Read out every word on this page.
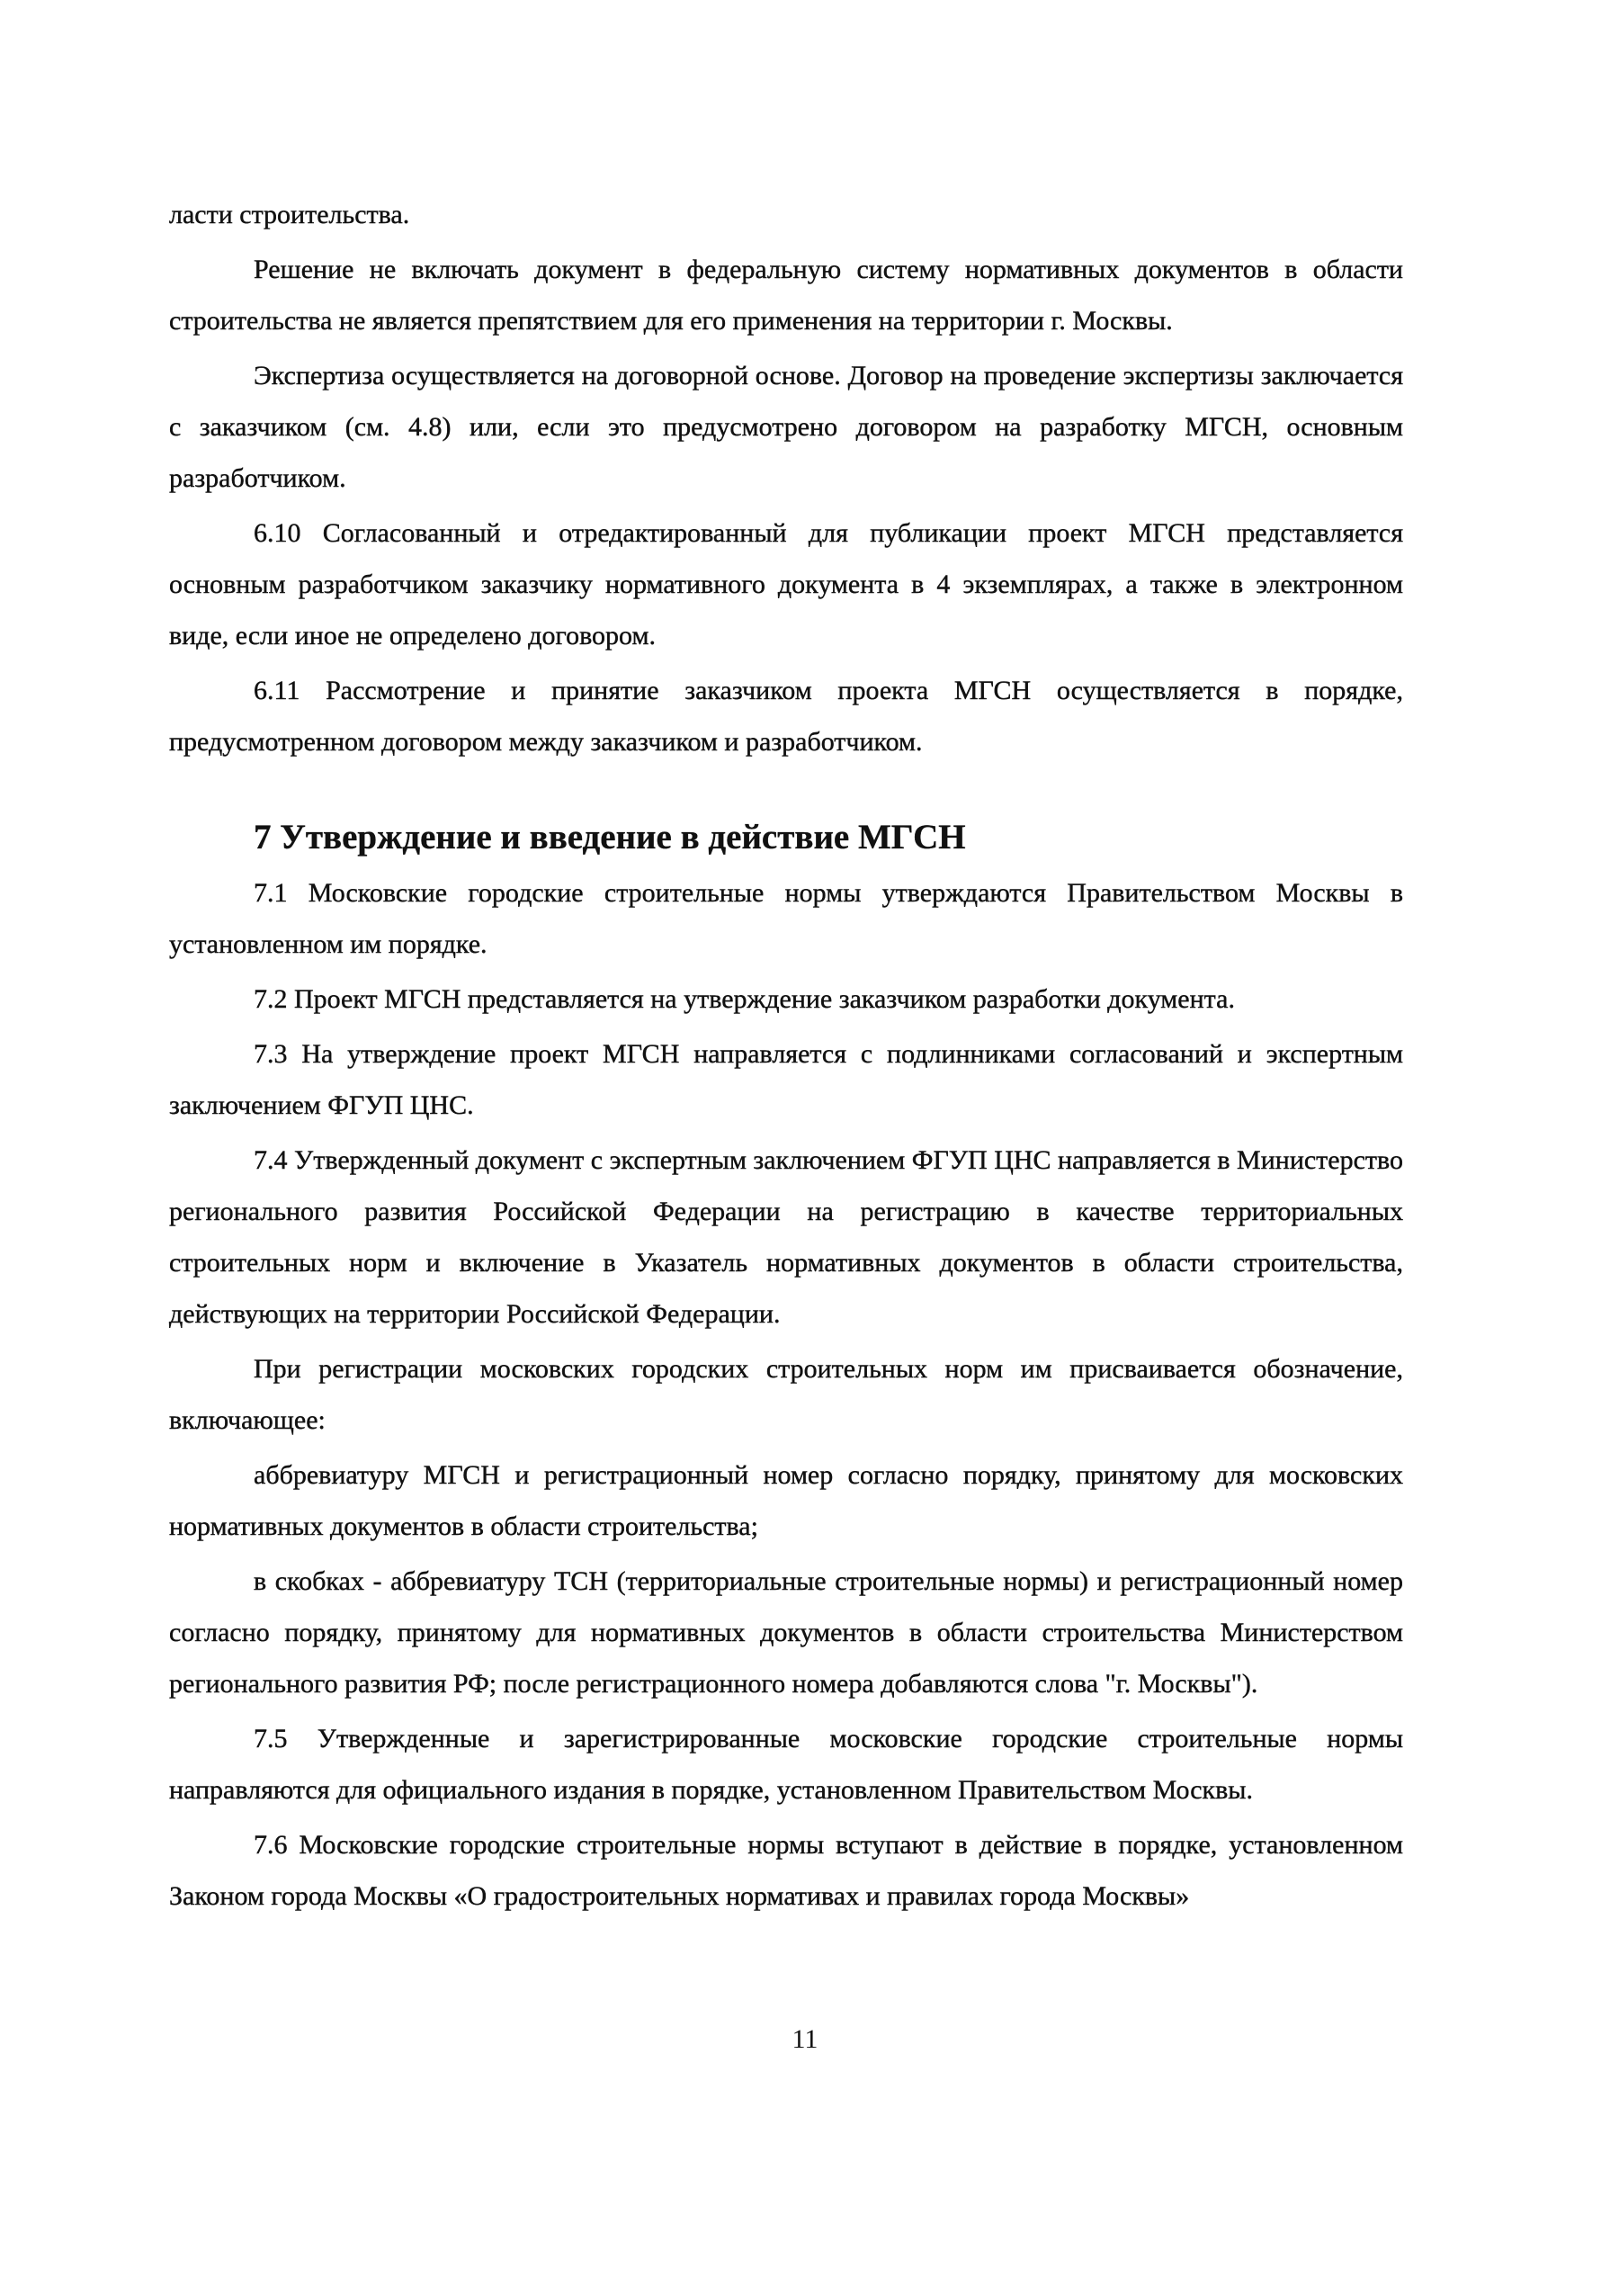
ласти строительства.

Решение не включать документ в федеральную систему нормативных документов в области строительства не является препятствием для его применения на территории г. Москвы.

Экспертиза осуществляется на договорной основе. Договор на проведение экспертизы заключается с заказчиком (см. 4.8) или, если это предусмотрено договором на разработку МГСН, основным разработчиком.

6.10 Согласованный и отредактированный для публикации проект МГСН представляется основным разработчиком заказчику нормативного документа в 4 экземплярах, а также в электронном виде, если иное не определено договором.

6.11 Рассмотрение и принятие заказчиком проекта МГСН осуществляется в порядке, предусмотренном договором между заказчиком и разработчиком.

7 Утверждение и введение в действие МГСН

7.1 Московские городские строительные нормы утверждаются Правительством Москвы в установленном им порядке.

7.2 Проект МГСН представляется на утверждение заказчиком разработки документа.

7.3 На утверждение проект МГСН направляется с подлинниками согласований и экспертным заключением ФГУП ЦНС.

7.4 Утвержденный документ с экспертным заключением ФГУП ЦНС направляется в Министерство регионального развития Российской Федерации на регистрацию в качестве территориальных строительных норм и включение в Указатель нормативных документов в области строительства, действующих на территории Российской Федерации.

При регистрации московских городских строительных норм им присваивается обозначение, включающее:

аббревиатуру МГСН и регистрационный номер согласно порядку, принятому для московских нормативных документов в области строительства;

в скобках - аббревиатуру ТСН (территориальные строительные нормы) и регистрационный номер согласно порядку, принятому для нормативных документов в области строительства Министерством регионального развития РФ; после регистрационного номера добавляются слова "г. Москвы").

7.5 Утвержденные и зарегистрированные московские городские строительные нормы направляются для официального издания в порядке, установленном Правительством Москвы.

7.6 Московские городские строительные нормы вступают в действие в порядке, установленном Законом города Москвы «О градостроительных нормативах и правилах города Москвы»

11
